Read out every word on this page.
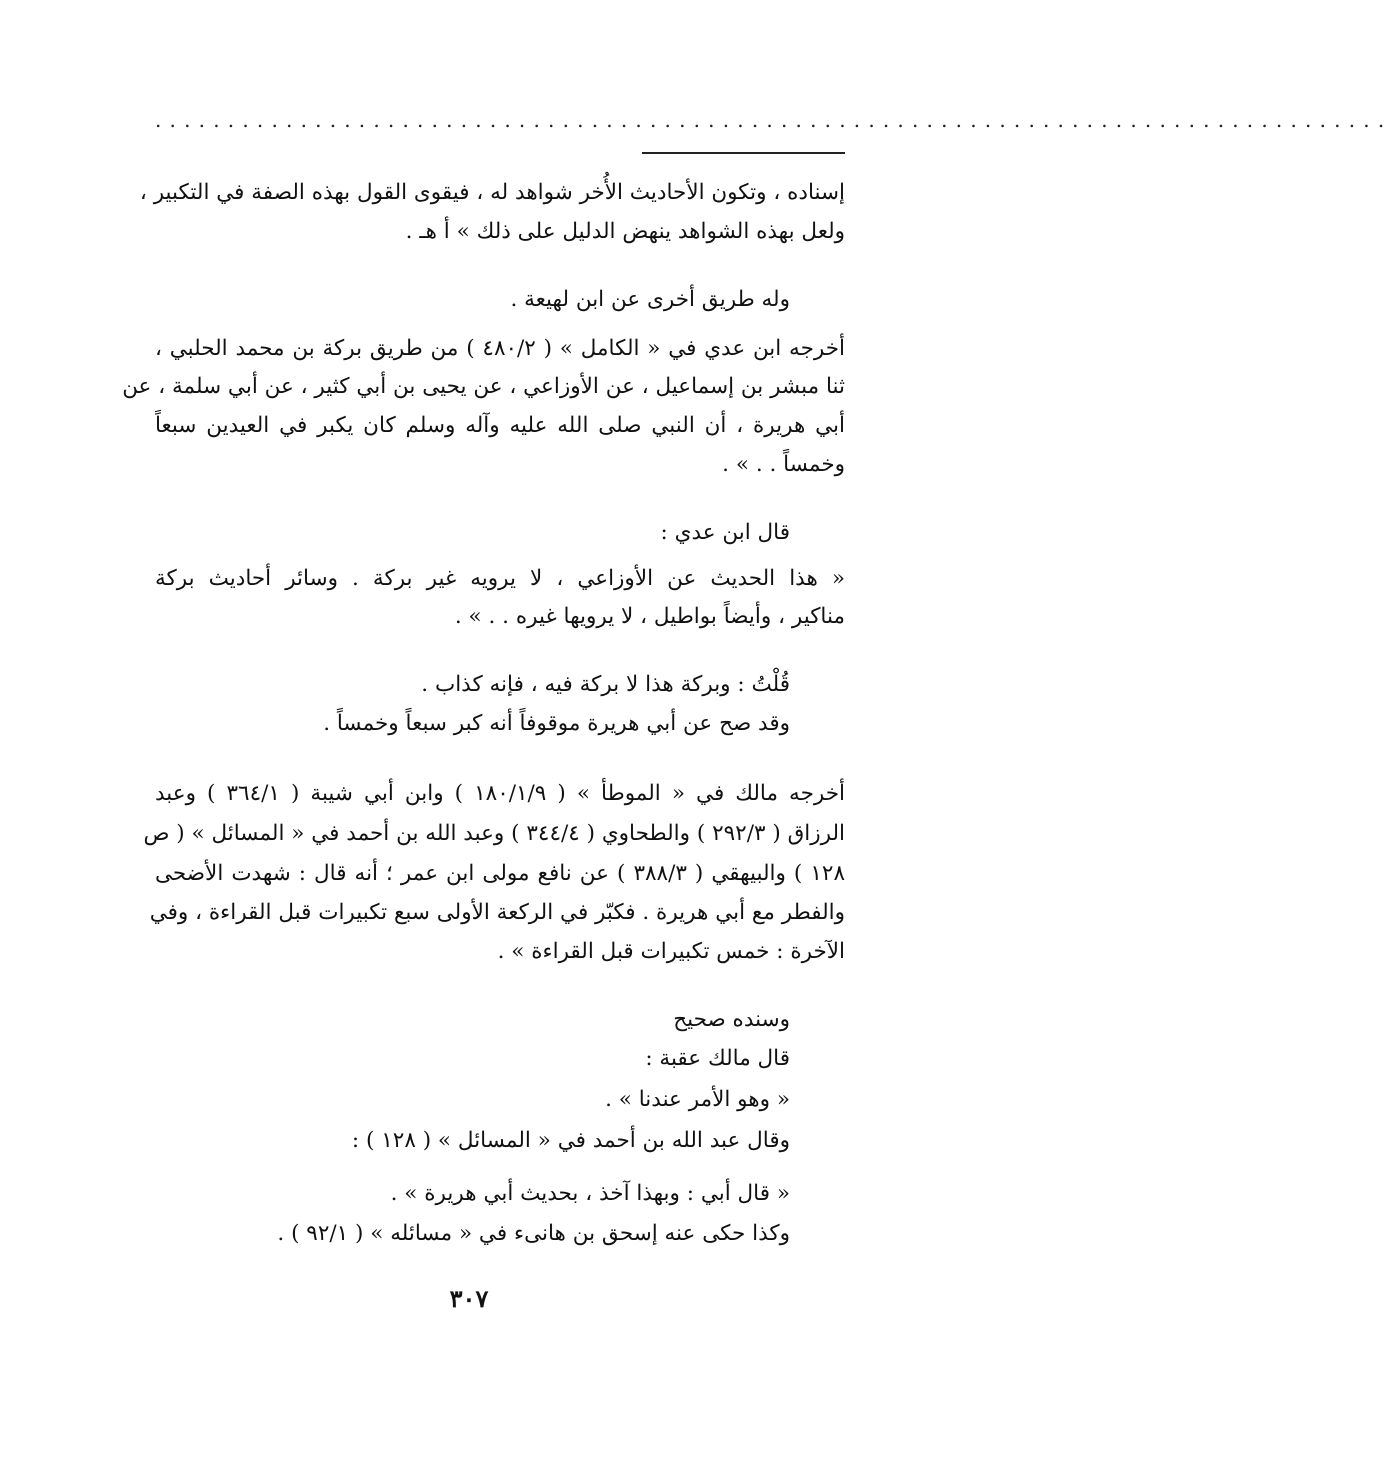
.....................................................................................
إسناده ، وتكون الأحاديث الأُخر شواهد له ، فيقوى القول بهذه الصفة في التكبير ،
ولعل بهذه الشواهد ينهض الدليل على ذلك » أ هـ .
وله طريق أخرى عن ابن لهيعة .
أخرجه ابن عدي في « الكامل » ( ٤٨٠/٢ ) من طريق بركة بن محمد الحلبي ،
ثنا مبشر بن إسماعيل ، عن الأوزاعي ، عن يحيى بن أبي كثير ، عن أبي سلمة ، عن
أبي هريرة ، أن النبي صلى الله عليه وآله وسلم كان يكبر في العيدين سبعاً
وخمساً . . » .
قال ابن عدي :
« هذا الحديث عن الأوزاعي ، لا يرويه غير بركة . وسائر أحاديث بركة
مناكير ، وأيضاً بواطيل ، لا يرويها غيره . . » .
قُلْتُ : وبركة هذا لا بركة فيه ، فإنه كذاب .
وقد صح عن أبي هريرة موقوفاً أنه كبر سبعاً وخمساً .
أخرجه مالك في « الموطأ » ( ١٨٠/١/٩ ) وابن أبي شيبة ( ٣٦٤/١ ) وعبد
الرزاق ( ٢٩٢/٣ ) والطحاوي ( ٣٤٤/٤ ) وعبد الله بن أحمد في « المسائل » ( ص
١٢٨ ) والبيهقي ( ٣٨٨/٣ ) عن نافع مولى ابن عمر ؛ أنه قال : شهدت الأضحى
والفطر مع أبي هريرة . فكبّر في الركعة الأولى سبع تكبيرات قبل القراءة ، وفي
الآخرة : خمس تكبيرات قبل القراءة » .
وسنده صحيح
قال مالك عقبة :
« وهو الأمر عندنا » .
وقال عبد الله بن أحمد في « المسائل » ( ١٢٨ ) :
« قال أبي : وبهذا آخذ ، بحديث أبي هريرة » .
وكذا حكى عنه إسحق بن هانىء في « مسائله » ( ٩٢/١ ) .
٣٠٧
